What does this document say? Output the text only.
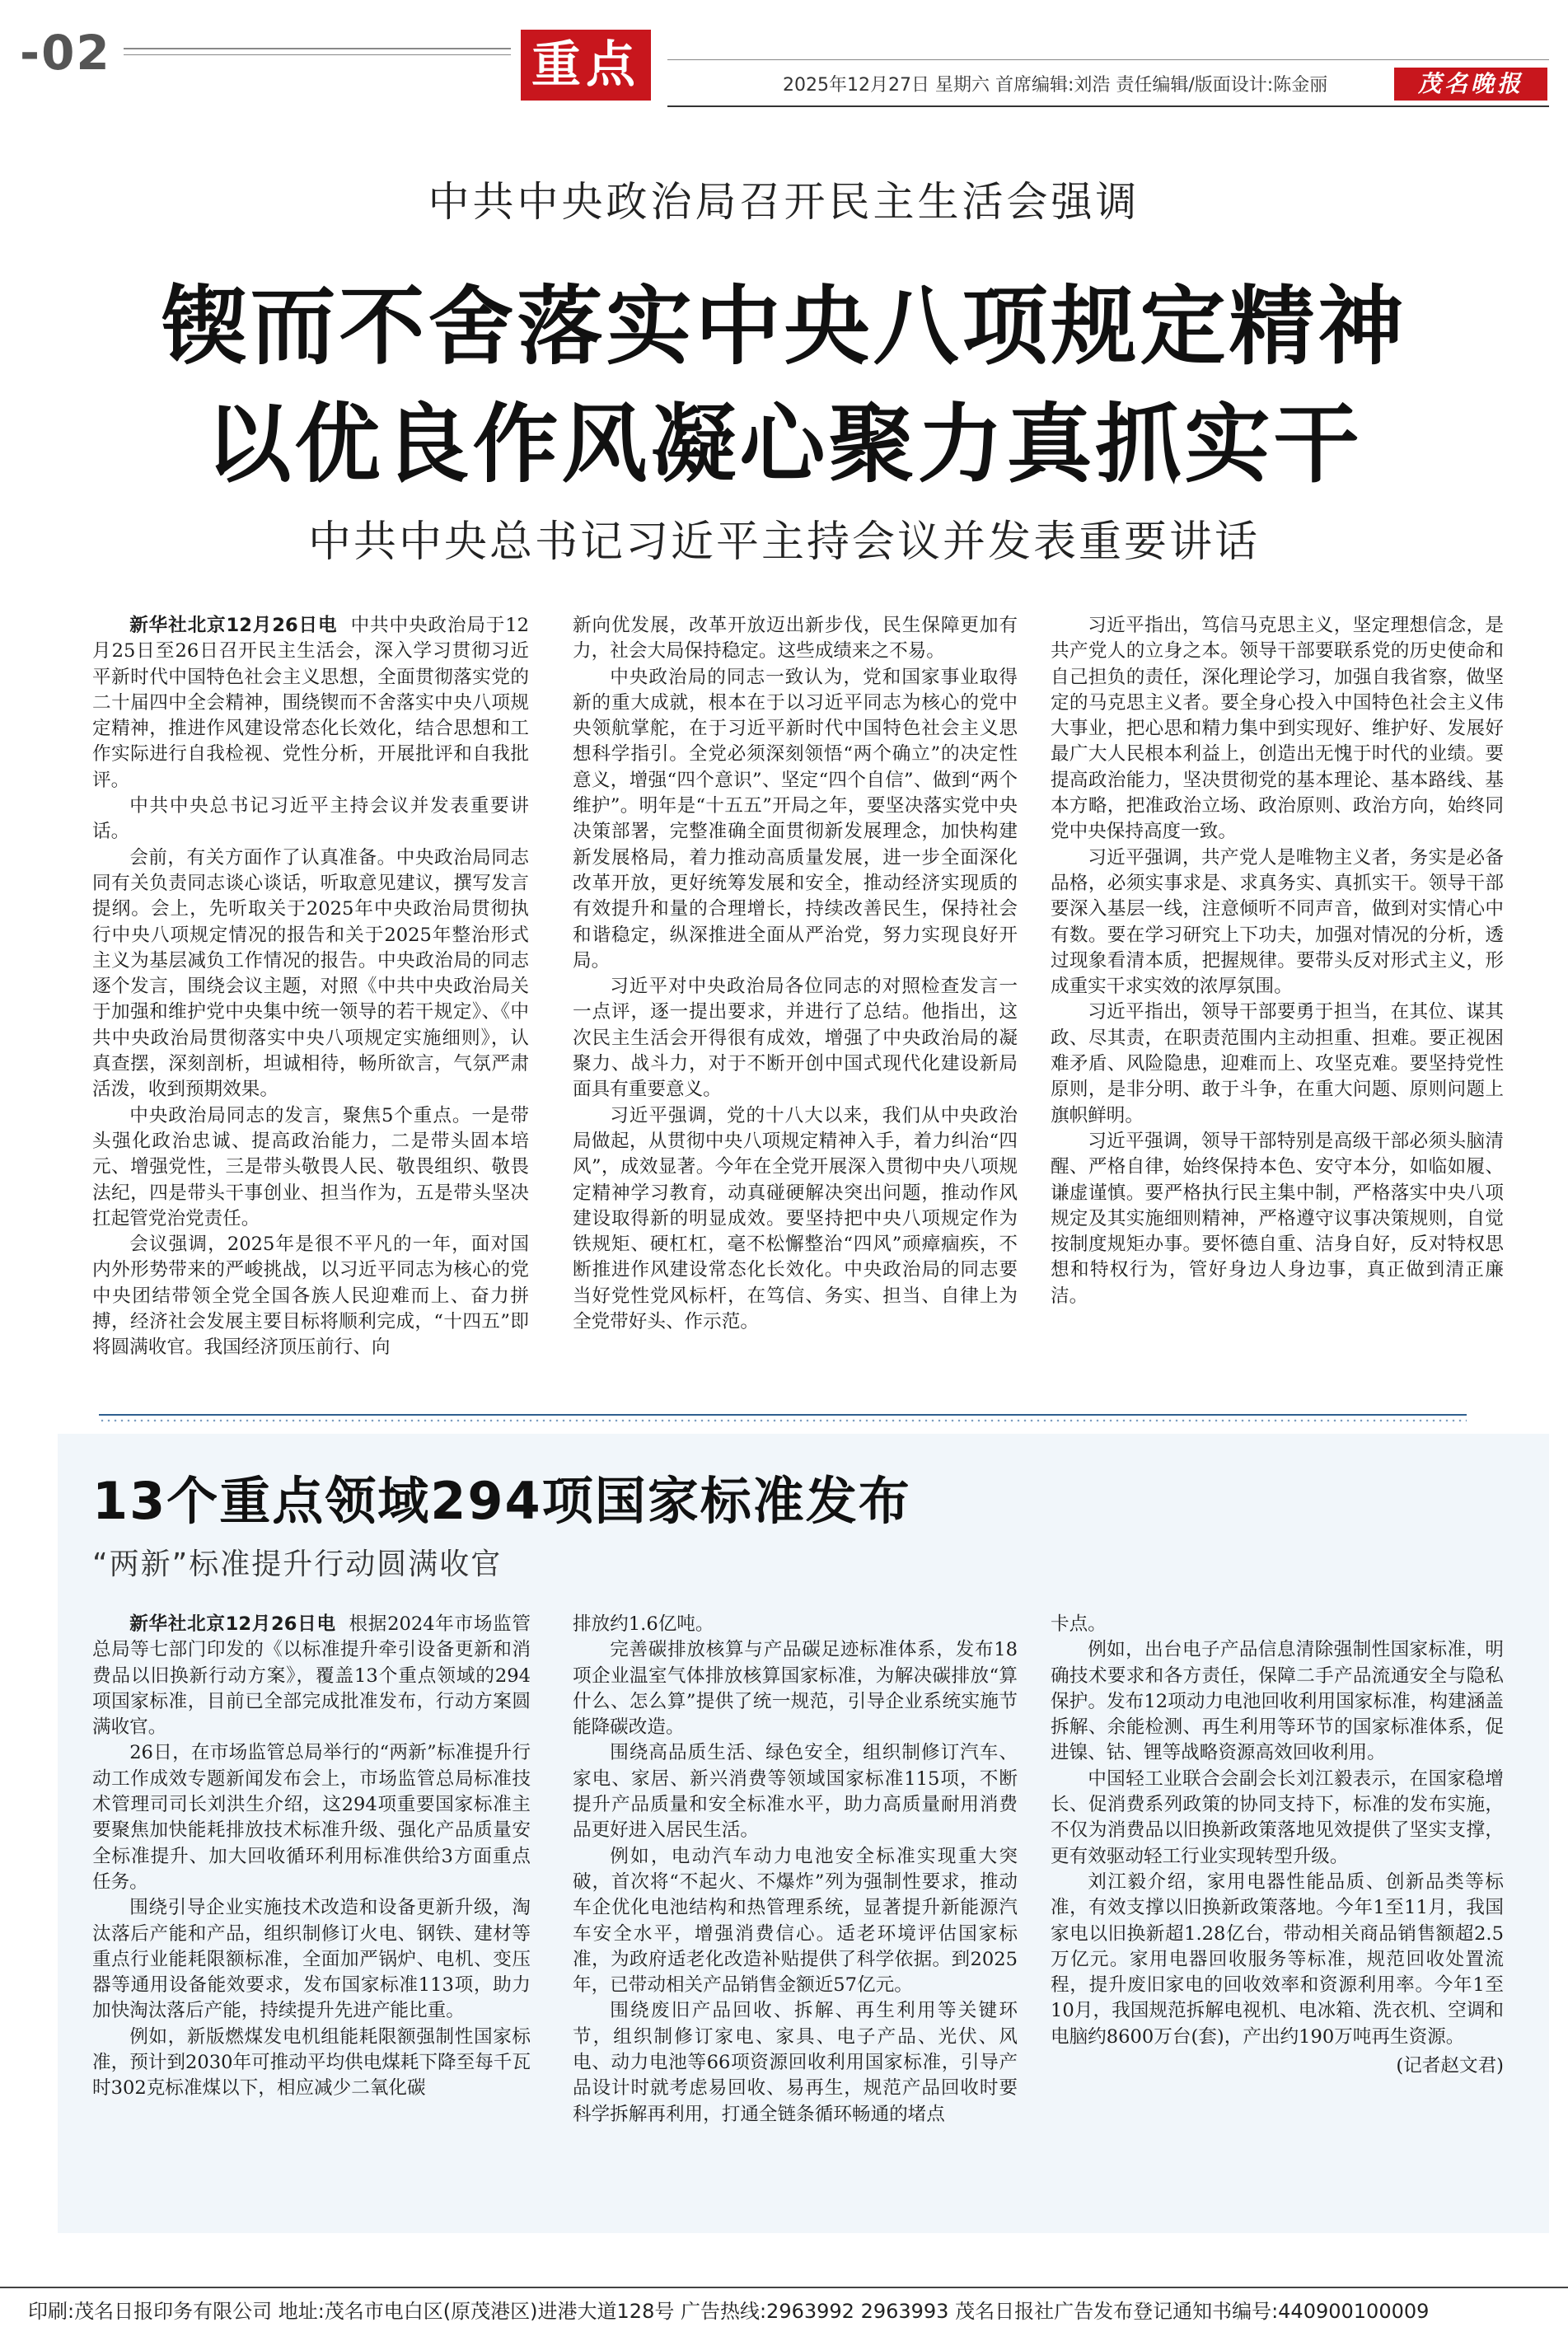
-02	重点	2025年12月27日 星期六 首席编辑:刘浩 责任编辑/版面设计:陈金丽	茂名晚报
中共中央政治局召开民主生活会强调
锲而不舍落实中央八项规定精神
以优良作风凝心聚力真抓实干
中共中央总书记习近平主持会议并发表重要讲话

新华社北京12月26日电 中共中央政治局于12月25日至26日召开民主生活会，深入学习贯彻习近平新时代中国特色社会主义思想，全面贯彻落实党的二十届四中全会精神，围绕锲而不舍落实中央八项规定精神，推进作风建设常态化长效化，结合思想和工作实际进行自我检视、党性分析，开展批评和自我批评。

中共中央总书记习近平主持会议并发表重要讲话。

会前，有关方面作了认真准备。中央政治局同志同有关负责同志谈心谈话，听取意见建议，撰写发言提纲。会上，先听取关于2025年中央政治局贯彻执行中央八项规定情况的报告和关于2025年整治形式主义为基层减负工作情况的报告。中央政治局的同志逐个发言，围绕会议主题，对照《中共中央政治局关于加强和维护党中央集中统一领导的若干规定》、《中共中央政治局贯彻落实中央八项规定实施细则》，认真查摆，深刻剖析，坦诚相待，畅所欲言，气氛严肃活泼，收到预期效果。

中央政治局同志的发言，聚焦5个重点。一是带头强化政治忠诚、提高政治能力，二是带头固本培元、增强党性，三是带头敬畏人民、敬畏组织、敬畏法纪，四是带头干事创业、担当作为，五是带头坚决扛起管党治党责任。

会议强调，2025年是很不平凡的一年，面对国内外形势带来的严峻挑战，以习近平同志为核心的党中央团结带领全党全国各族人民迎难而上、奋力拼搏，经济社会发展主要目标将顺利完成，“十四五”即将圆满收官。我国经济顶压前行、向

新向优发展，改革开放迈出新步伐，民生保障更加有力，社会大局保持稳定。这些成绩来之不易。

中央政治局的同志一致认为，党和国家事业取得新的重大成就，根本在于以习近平同志为核心的党中央领航掌舵，在于习近平新时代中国特色社会主义思想科学指引。全党必须深刻领悟“两个确立”的决定性意义，增强“四个意识”、坚定“四个自信”、做到“两个维护”。明年是“十五五”开局之年，要坚决落实党中央决策部署，完整准确全面贯彻新发展理念，加快构建新发展格局，着力推动高质量发展，进一步全面深化改革开放，更好统筹发展和安全，推动经济实现质的有效提升和量的合理增长，持续改善民生，保持社会和谐稳定，纵深推进全面从严治党，努力实现良好开局。

习近平对中央政治局各位同志的对照检查发言一一点评，逐一提出要求，并进行了总结。他指出，这次民主生活会开得很有成效，增强了中央政治局的凝聚力、战斗力，对于不断开创中国式现代化建设新局面具有重要意义。

习近平强调，党的十八大以来，我们从中央政治局做起，从贯彻中央八项规定精神入手，着力纠治“四风”，成效显著。今年在全党开展深入贯彻中央八项规定精神学习教育，动真碰硬解决突出问题，推动作风建设取得新的明显成效。要坚持把中央八项规定作为铁规矩、硬杠杠，毫不松懈整治“四风”顽瘴痼疾，不断推进作风建设常态化长效化。中央政治局的同志要当好党性党风标杆，在笃信、务实、担当、自律上为全党带好头、作示范。

习近平指出，笃信马克思主义，坚定理想信念，是共产党人的立身之本。领导干部要联系党的历史使命和自己担负的责任，深化理论学习，加强自我省察，做坚定的马克思主义者。要全身心投入中国特色社会主义伟大事业，把心思和精力集中到实现好、维护好、发展好最广大人民根本利益上，创造出无愧于时代的业绩。要提高政治能力，坚决贯彻党的基本理论、基本路线、基本方略，把准政治立场、政治原则、政治方向，始终同党中央保持高度一致。

习近平强调，共产党人是唯物主义者，务实是必备品格，必须实事求是、求真务实、真抓实干。领导干部要深入基层一线，注意倾听不同声音，做到对实情心中有数。要在学习研究上下功夫，加强对情况的分析，透过现象看清本质，把握规律。要带头反对形式主义，形成重实干求实效的浓厚氛围。

习近平指出，领导干部要勇于担当，在其位、谋其政、尽其责，在职责范围内主动担重、担难。要正视困难矛盾、风险隐患，迎难而上、攻坚克难。要坚持党性原则，是非分明、敢于斗争，在重大问题、原则问题上旗帜鲜明。

习近平强调，领导干部特别是高级干部必须头脑清醒、严格自律，始终保持本色、安守本分，如临如履、谦虚谨慎。要严格执行民主集中制，严格落实中央八项规定及其实施细则精神，严格遵守议事决策规则，自觉按制度规矩办事。要怀德自重、洁身自好，反对特权思想和特权行为，管好身边人身边事，真正做到清正廉洁。

13个重点领域294项国家标准发布
“两新”标准提升行动圆满收官

新华社北京12月26日电 根据2024年市场监管总局等七部门印发的《以标准提升牵引设备更新和消费品以旧换新行动方案》，覆盖13个重点领域的294项国家标准，目前已全部完成批准发布，行动方案圆满收官。

26日，在市场监管总局举行的“两新”标准提升行动工作成效专题新闻发布会上，市场监管总局标准技术管理司司长刘洪生介绍，这294项重要国家标准主要聚焦加快能耗排放技术标准升级、强化产品质量安全标准提升、加大回收循环利用标准供给3方面重点任务。

围绕引导企业实施技术改造和设备更新升级，淘汰落后产能和产品，组织制修订火电、钢铁、建材等重点行业能耗限额标准，全面加严锅炉、电机、变压器等通用设备能效要求，发布国家标准113项，助力加快淘汰落后产能，持续提升先进产能比重。

例如，新版燃煤发电机组能耗限额强制性国家标准，预计到2030年可推动平均供电煤耗下降至每千瓦时302克标准煤以下，相应减少二氧化碳

排放约1.6亿吨。

完善碳排放核算与产品碳足迹标准体系，发布18项企业温室气体排放核算国家标准，为解决碳排放“算什么、怎么算”提供了统一规范，引导企业系统实施节能降碳改造。

围绕高品质生活、绿色安全，组织制修订汽车、家电、家居、新兴消费等领域国家标准115项，不断提升产品质量和安全标准水平，助力高质量耐用消费品更好进入居民生活。

例如，电动汽车动力电池安全标准实现重大突破，首次将“不起火、不爆炸”列为强制性要求，推动车企优化电池结构和热管理系统，显著提升新能源汽车安全水平，增强消费信心。适老环境评估国家标准，为政府适老化改造补贴提供了科学依据。到2025年，已带动相关产品销售金额近57亿元。

围绕废旧产品回收、拆解、再生利用等关键环节，组织制修订家电、家具、电子产品、光伏、风电、动力电池等66项资源回收利用国家标准，引导产品设计时就考虑易回收、易再生，规范产品回收时要科学拆解再利用，打通全链条循环畅通的堵点

卡点。

例如，出台电子产品信息清除强制性国家标准，明确技术要求和各方责任，保障二手产品流通安全与隐私保护。发布12项动力电池回收利用国家标准，构建涵盖拆解、余能检测、再生利用等环节的国家标准体系，促进镍、钴、锂等战略资源高效回收利用。

中国轻工业联合会副会长刘江毅表示，在国家稳增长、促消费系列政策的协同支持下，标准的发布实施，不仅为消费品以旧换新政策落地见效提供了坚实支撑，更有效驱动轻工行业实现转型升级。

刘江毅介绍，家用电器性能品质、创新品类等标准，有效支撑以旧换新政策落地。今年1至11月，我国家电以旧换新超1.28亿台，带动相关商品销售额超2.5万亿元。家用电器回收服务等标准，规范回收处置流程，提升废旧家电的回收效率和资源利用率。今年1至10月，我国规范拆解电视机、电冰箱、洗衣机、空调和电脑约8600万台(套)，产出约190万吨再生资源。

(记者赵文君)
印刷:茂名日报印务有限公司 地址:茂名市电白区(原茂港区)进港大道128号 广告热线:2963992 2963993 茂名日报社广告发布登记通知书编号:440900100009
